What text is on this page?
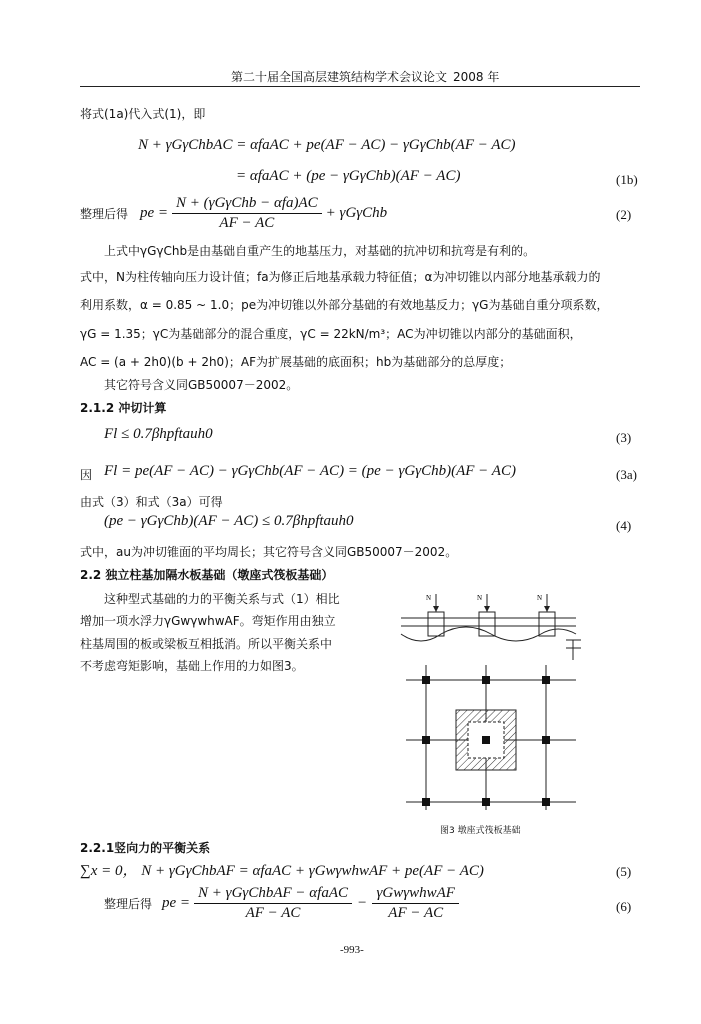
第二十届全国高层建筑结构学术会议论文 2008 年
将式(1a)代入式(1)，即
N + γGγChbAC = αfaAC + pe(AF − AC) − γGγChb(AF − AC)
= αfaAC + (pe − γGγChb)(AF − AC)	(1b)
整理后得 pe = $\frac{\text{N + (γGγChb − αfa)AC}}{AF - AC} + \gamma G\gamma Chb$	(2)
上式中γGγChb是由基础自重产生的地基压力，对基础的抗冲切和抗弯是有利的。
式中，N为柱传轴向压力设计值；fa为修正后地基承载力特征值；α为冲切锥以内部分地基承载力的
利用系数，α = 0.85 ~ 1.0；pe为冲切锥以外部分基础的有效地基反力；γG为基础自重分项系数，
γG = 1.35；γC为基础部分的混合重度，γC = 22kN/m³；AC为冲切锥以内部分的基础面积，
AC = (a + 2h0)(b + 2h0)；AF为扩展基础的底面积；hb为基础部分的总厚度；
其它符号含义同GB50007－2002。
2.1.2 冲切计算
Fl ≤ 0.7βhpftauh0	(3)
因 Fl = pe(AF − AC) − γGγChb(AF − AC) = (pe − γGγChb)(AF − AC)	(3a)
由式（3）和式（3a）可得
(pe − γGγChb)(AF − AC) ≤ 0.7βhpftauh0	(4)
式中，au为冲切锥面的平均周长；其它符号含义同GB50007－2002。
2.2 独立柱基加隔水板基础（墩座式筏板基础）
这种型式基础的力的平衡关系与式（1）相比
增加一项水浮力γGwγwhwAF。弯矩作用由独立
柱基周围的板或梁板互相抵消。所以平衡关系中
不考虑弯矩影响，基础上作用的力如图3。
N	N	N
图3 墩座式筏板基础
2.2.1竖向力的平衡关系
∑x = 0， N + γGγChbAF = αfaAC + γGwγwhwAF + pe(AF − AC)	(5)
整理后得 pe = $\frac{\text{N + γGγChbAF − αfaAC}}{AF - AC} - \frac{\text{γGwγwhwAF}}{AF - AC}$	(6)
-993-
